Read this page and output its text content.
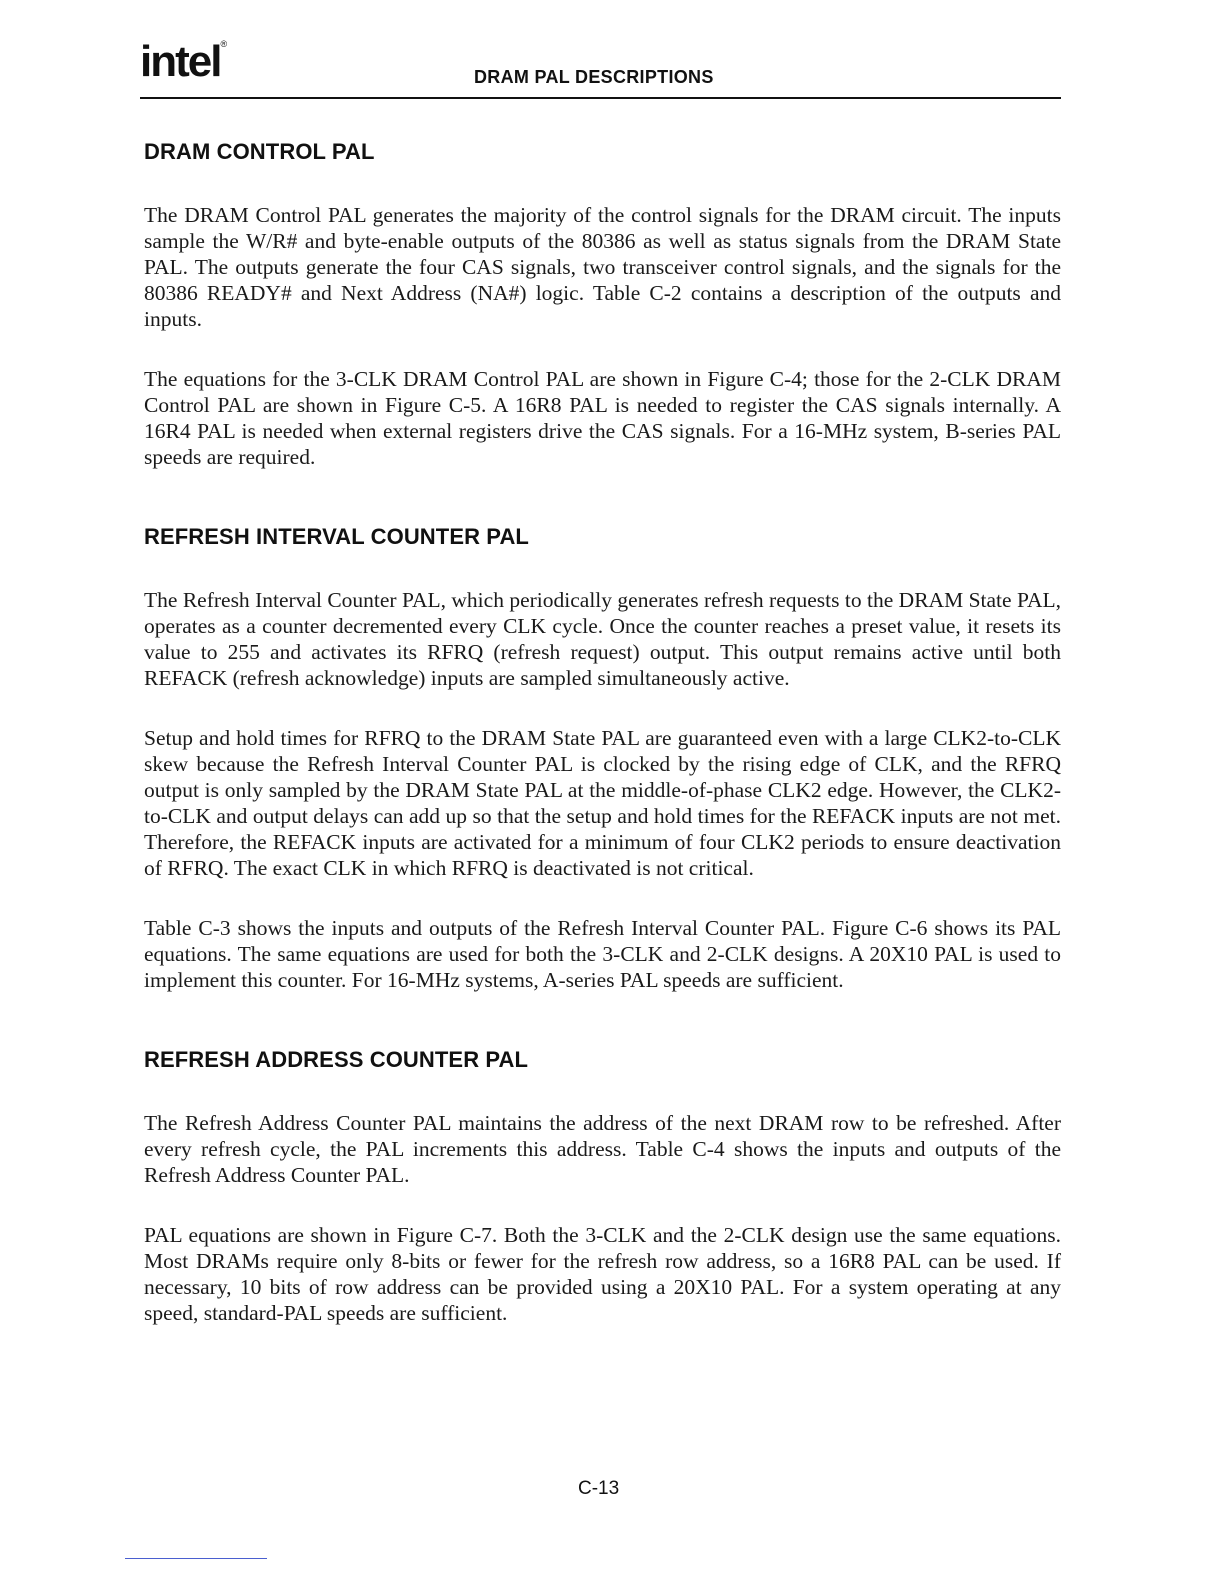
intel®
DRAM PAL DESCRIPTIONS
DRAM CONTROL PAL

The DRAM Control PAL generates the majority of the control signals for the DRAM circuit. The inputs sample the W/R# and byte-enable outputs of the 80386 as well as status signals from the DRAM State PAL. The outputs generate the four CAS signals, two transceiver control signals, and the signals for the 80386 READY# and Next Address (NA#) logic. Table C-2 contains a description of the outputs and inputs.

The equations for the 3-CLK DRAM Control PAL are shown in Figure C-4; those for the 2-CLK DRAM Control PAL are shown in Figure C-5. A 16R8 PAL is needed to register the CAS signals internally. A 16R4 PAL is needed when external registers drive the CAS signals. For a 16-MHz system, B-series PAL speeds are required.

REFRESH INTERVAL COUNTER PAL

The Refresh Interval Counter PAL, which periodically generates refresh requests to the DRAM State PAL, operates as a counter decremented every CLK cycle. Once the counter reaches a preset value, it resets its value to 255 and activates its RFRQ (refresh request) output. This output remains active until both REFACK (refresh acknowledge) inputs are sampled simultaneously active.

Setup and hold times for RFRQ to the DRAM State PAL are guaranteed even with a large CLK2-to-CLK skew because the Refresh Interval Counter PAL is clocked by the rising edge of CLK, and the RFRQ output is only sampled by the DRAM State PAL at the middle-of-phase CLK2 edge. However, the CLK2-to-CLK and output delays can add up so that the setup and hold times for the REFACK inputs are not met. Therefore, the REFACK inputs are activated for a minimum of four CLK2 periods to ensure deactivation of RFRQ. The exact CLK in which RFRQ is deactivated is not critical.

Table C-3 shows the inputs and outputs of the Refresh Interval Counter PAL. Figure C-6 shows its PAL equations. The same equations are used for both the 3-CLK and 2-CLK designs. A 20X10 PAL is used to implement this counter. For 16-MHz systems, A-series PAL speeds are sufficient.

REFRESH ADDRESS COUNTER PAL

The Refresh Address Counter PAL maintains the address of the next DRAM row to be refreshed. After every refresh cycle, the PAL increments this address. Table C-4 shows the inputs and outputs of the Refresh Address Counter PAL.

PAL equations are shown in Figure C-7. Both the 3-CLK and the 2-CLK design use the same equations. Most DRAMs require only 8-bits or fewer for the refresh row address, so a 16R8 PAL can be used. If necessary, 10 bits of row address can be provided using a 20X10 PAL. For a system operating at any speed, standard-PAL speeds are sufficient.

C-13
